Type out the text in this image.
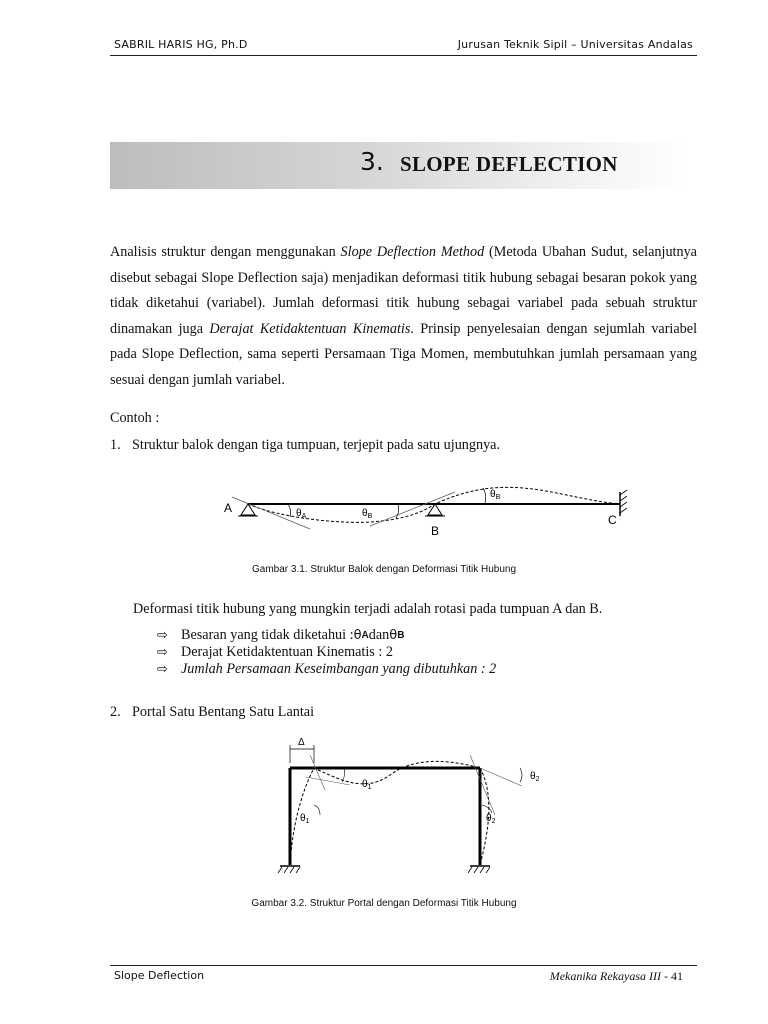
SABRIL HARIS HG, Ph.D	Jurusan Teknik Sipil – Universitas Andalas
3. SLOPE DEFLECTION

Analisis struktur dengan menggunakan Slope Deflection Method (Metoda Ubahan Sudut, selanjutnya disebut sebagai Slope Deflection saja) menjadikan deformasi titik hubung sebagai besaran pokok yang tidak diketahui (variabel). Jumlah deformasi titik hubung sebagai variabel pada sebuah struktur dinamakan juga Derajat Ketidaktentuan Kinematis. Prinsip penyelesaian dengan sejumlah variabel pada Slope Deflection, sama seperti Persamaan Tiga Momen, membutuhkan jumlah persamaan yang sesuai dengan jumlah variabel.

Contoh :
1. Struktur balok dengan tiga tumpuan, terjepit pada satu ujungnya.
A
B
C
$\theta_A$	$\theta_B$
$\theta_B$
Gambar 3.1. Struktur Balok dengan Deformasi Titik Hubung
Deformasi titik hubung yang mungkin terjadi adalah rotasi pada tumpuan A dan B.
⇨ Besaran yang tidak diketahui : θ A dan θ B
⇨ Derajat Ketidaktentuan Kinematis : 2
⇨ Jumlah Persamaan Keseimbangan yang dibutuhkan : 2
2. Portal Satu Bentang Satu Lantai
Δ
$\theta_1$
$\theta_1$
$\theta_2$
$\theta_2$
Gambar 3.2. Struktur Portal dengan Deformasi Titik Hubung
Slope Deflection	Mekanika Rekayasa III - 41
